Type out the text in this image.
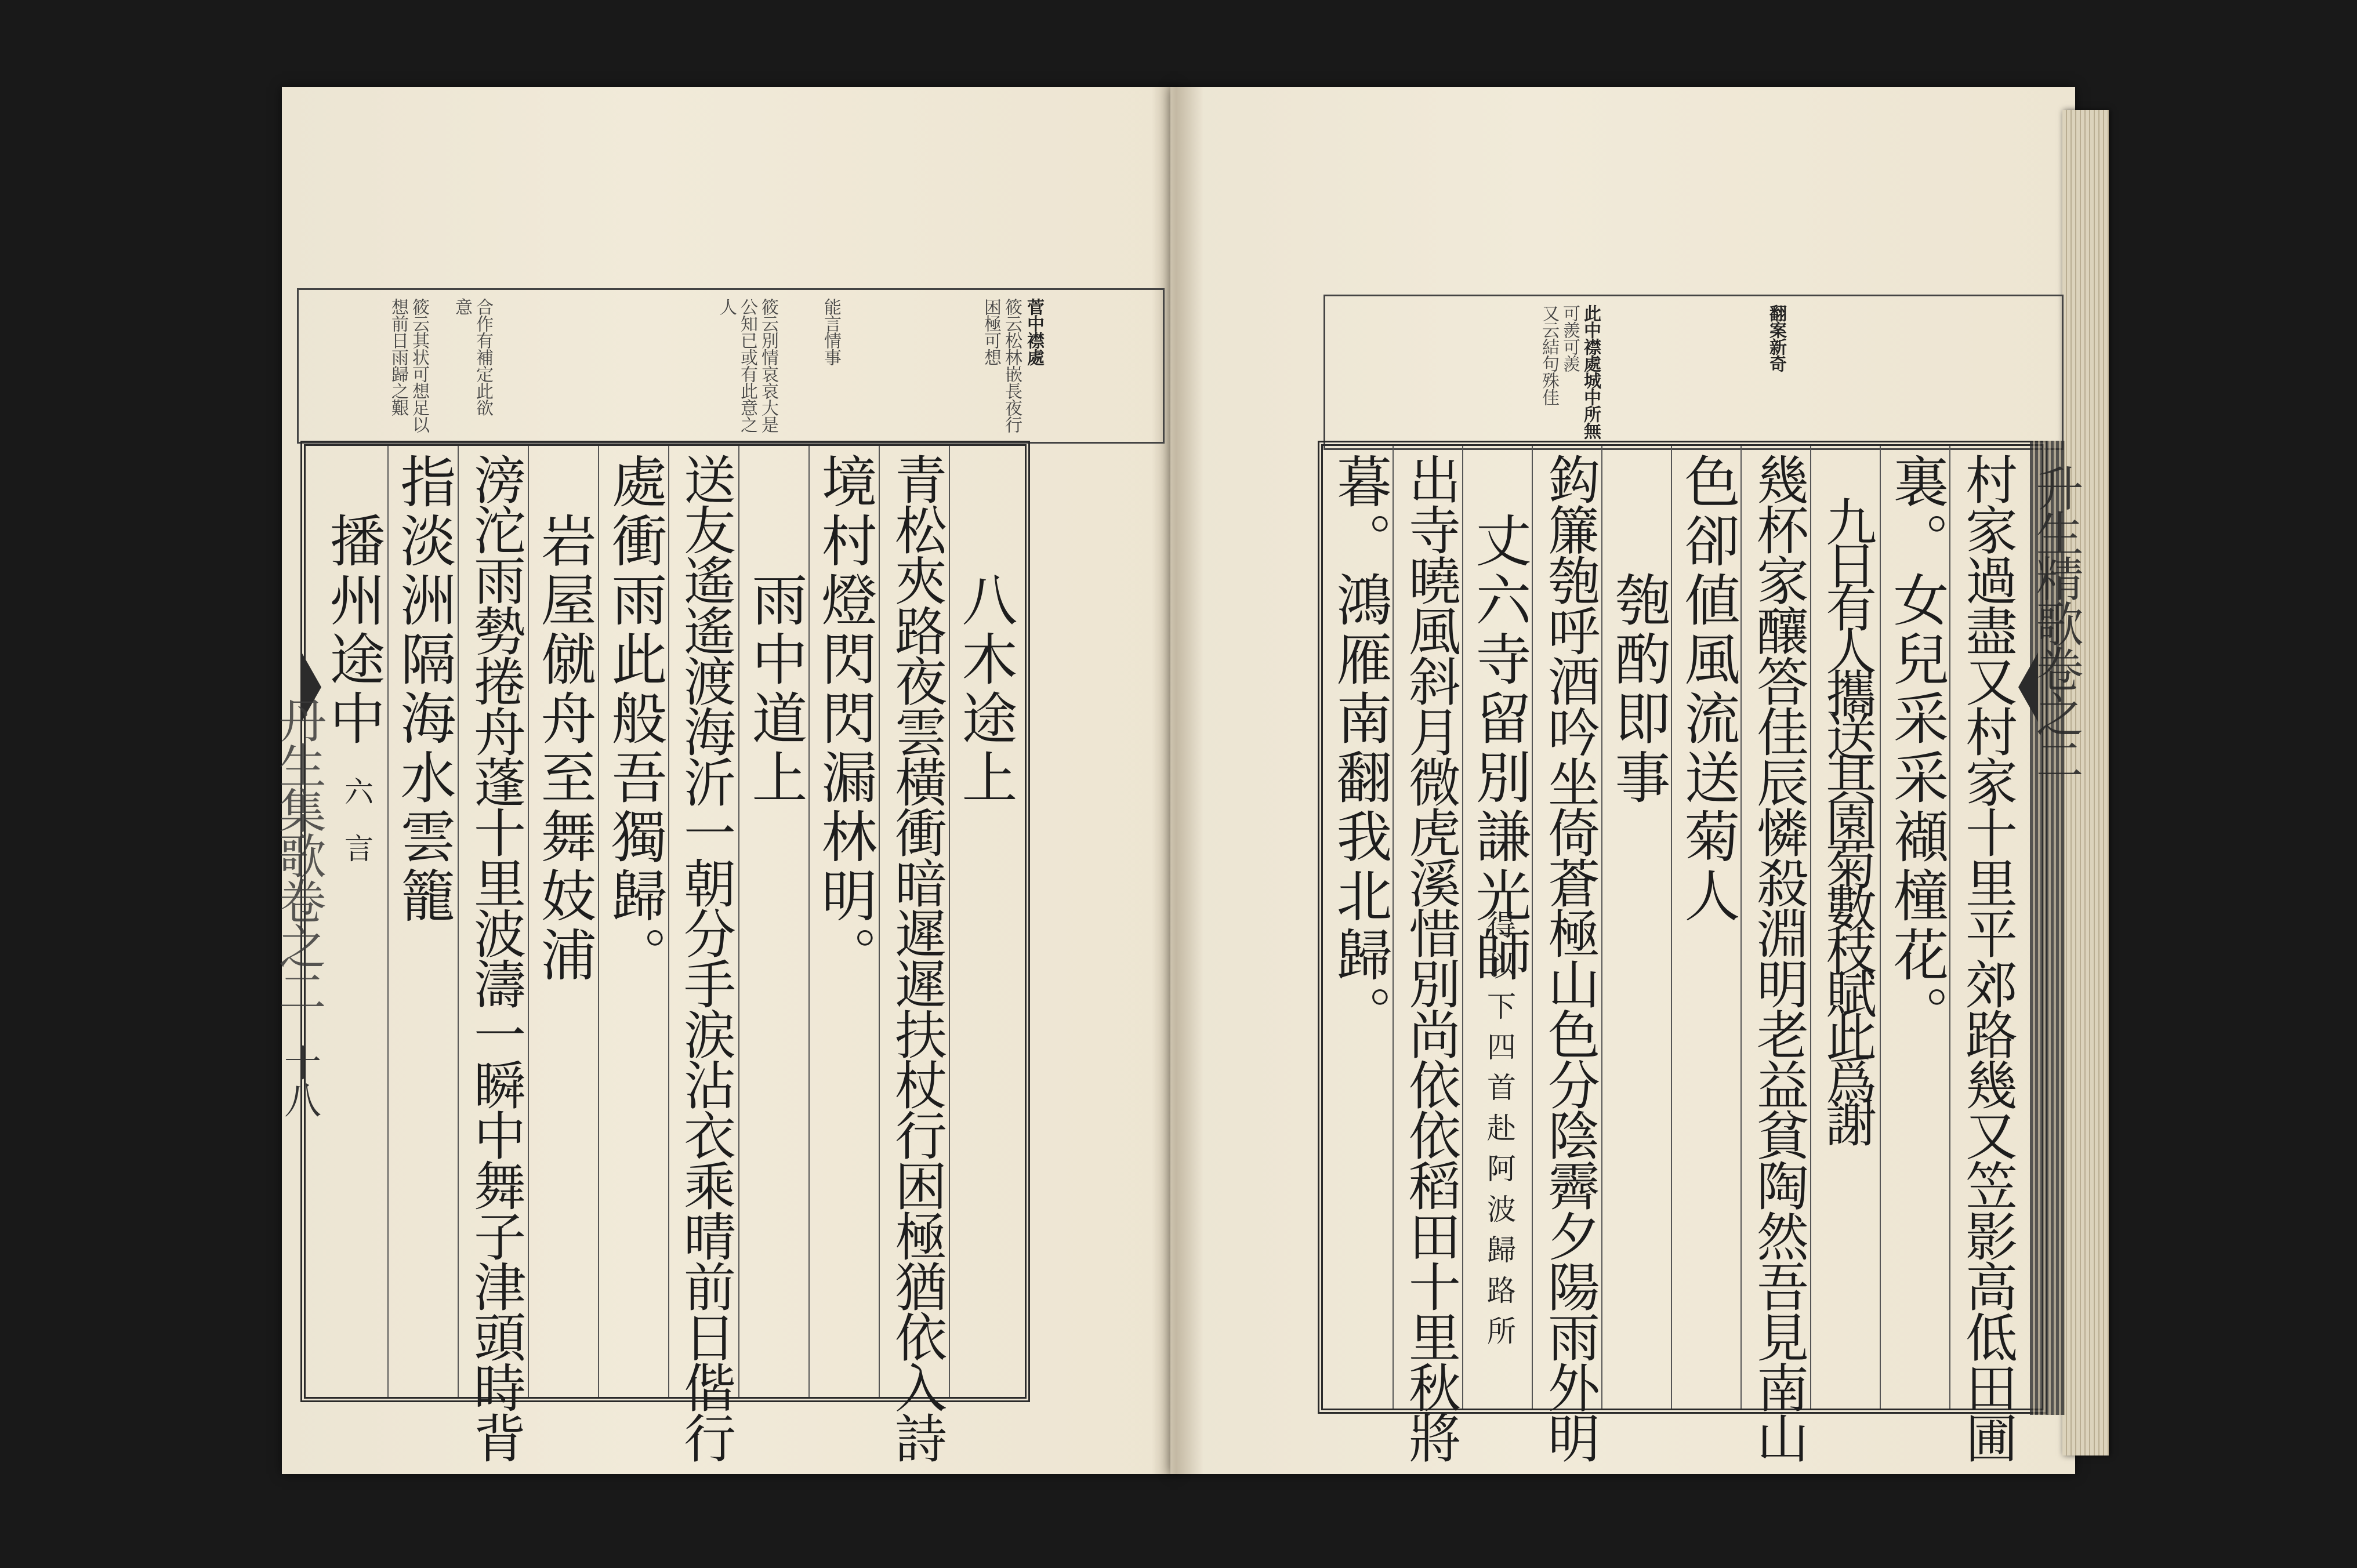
菅中襟處
筱云松林嵌長夜行
困極可想
能言情事
筱云別情哀哀大是
公知已或有此意之
人
合作有補定此欲
意
筱云其状可想足以
想前日雨歸之艱
　　八木途上
青松夾路夜雲橫衝暗遲遲扶杖行困極猶依入詩
境村燈閃閃漏林明。
　　雨中道上
送友遙遙渡海沂一朝分手涙沾衣乘晴前日偕行
處衝雨此般吾獨歸。
　岩屋僦舟至舞妓浦
滂沱雨勢捲舟蓬十里波濤一瞬中舞子津頭時背
指淡洲隔海水雲籠
　播州途中
六言
丹生集歌卷之二
十八
翻案新奇
此中襟處城中所無
可羨可羨
又云結句殊佳
村家過盡又村家十里平郊路幾又笠影高低田圃
裏。女兒采采襭橦花。
　九日有人攜送其園菊數枝賦此爲謝
幾杯家釀答佳辰憐殺淵明老益貧陶然吾見南山
色卻値風流送菊人
　　匏酌即事
鈎簾匏呼酒吟坐倚蒼極山色分陰霽夕陽雨外明
　丈六寺留別謙光師
得以下四首赴阿波歸路所
出寺曉風斜月微虎溪惜別尚依依稻田十里秋將
暮。鴻雁南翻我北歸。	升生精歌卷之二
